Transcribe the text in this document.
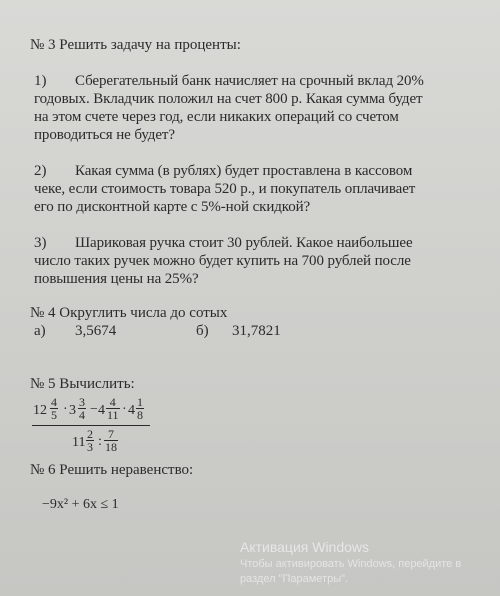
№ 3 Решить задачу на проценты:
1) Сберегательный банк начисляет на срочный вклад 20%
годовых. Вкладчик положил на счет 800 р. Какая сумма будет
на этом счете через год, если никаких операций со счетом
проводиться не будет?
2) Какая сумма (в рублях) будет проставлена в кассовом
чеке, если стоимость товара 520 р., и покупатель оплачивает
его по дисконтной карте с 5%-ной скидкой?
3) Шариковая ручка стоит 30 рублей. Какое наибольшее
число таких ручек можно будет купить на 700 рублей после
повышения цены на 25%?
№ 4 Округлить числа до сотых
а) 3,5674	б) 31,7821
№ 5 Вычислить:
$12 \frac{4}{5} \cdot 3 \frac{3}{4} - 4 \frac{4}{11} \cdot 4 \frac{1}{8}$
$11 \frac{2}{3}$ : $\frac{7}{18}$
№ 6 Решить неравенство:
−9x² + 6x ≤ 1
Активация Windows
Чтобы активировать Windows, перейдите в
раздел "Параметры".
